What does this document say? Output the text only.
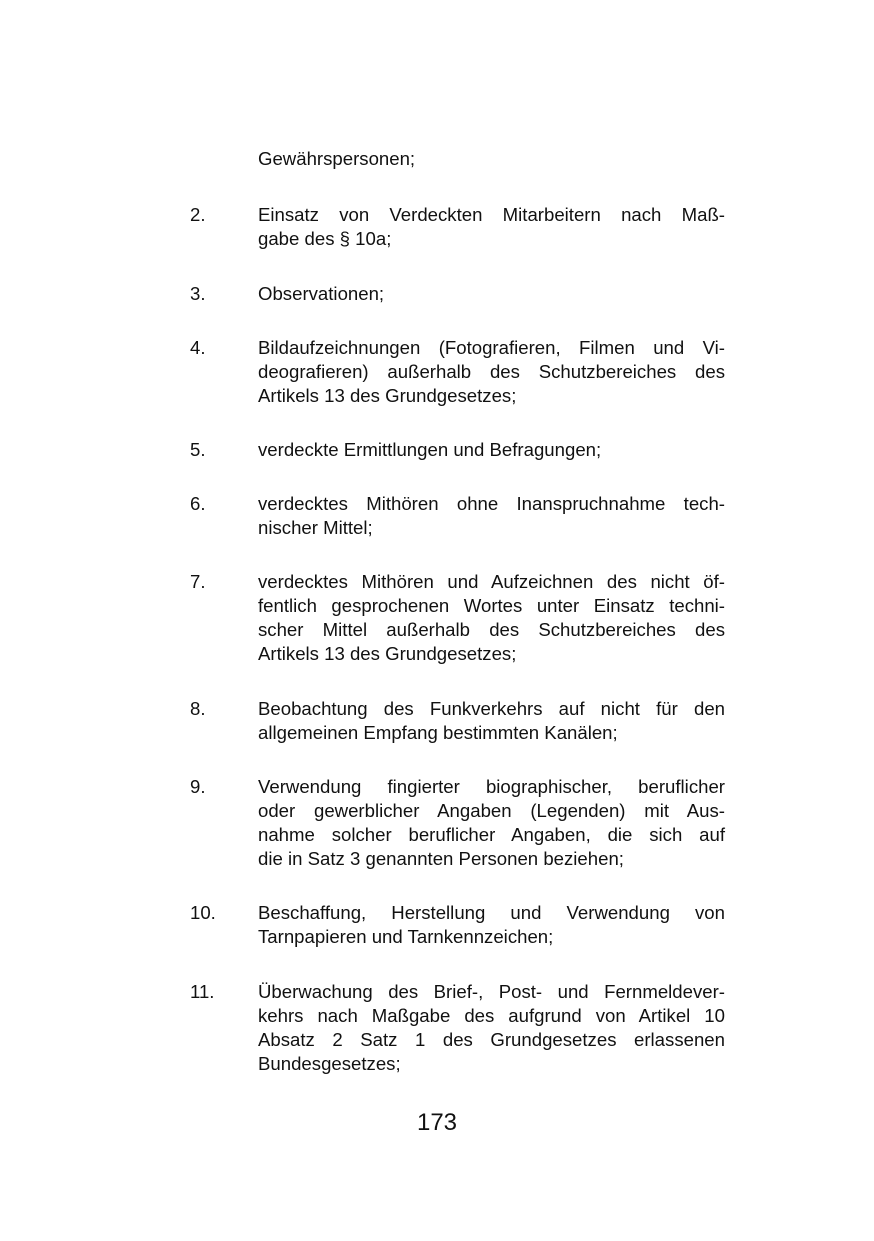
Gewährspersonen;
2.	Einsatz von Verdeckten Mitarbeitern nach Maß-
gabe des § 10a;
3.	Observationen;
4.	Bildaufzeichnungen (Fotografieren, Filmen und Vi-
deografieren) außerhalb des Schutzbereiches des
Artikels 13 des Grundgesetzes;
5.	verdeckte Ermittlungen und Befragungen;
6.	verdecktes Mithören ohne Inanspruchnahme tech-
nischer Mittel;
7.	verdecktes Mithören und Aufzeichnen des nicht öf-
fentlich gesprochenen Wortes unter Einsatz techni-
scher Mittel außerhalb des Schutzbereiches des
Artikels 13 des Grundgesetzes;
8.	Beobachtung des Funkverkehrs auf nicht für den
allgemeinen Empfang bestimmten Kanälen;
9.	Verwendung fingierter biographischer, beruflicher
oder gewerblicher Angaben (Legenden) mit Aus-
nahme solcher beruflicher Angaben, die sich auf
die in Satz 3 genannten Personen beziehen;
10. Beschaffung, Herstellung und Verwendung von
Tarnpapieren und Tarnkennzeichen;
11. Überwachung des Brief-, Post- und Fernmeldever-
kehrs nach Maßgabe des aufgrund von Artikel 10
Absatz 2 Satz 1 des Grundgesetzes erlassenen
Bundesgesetzes;
173
